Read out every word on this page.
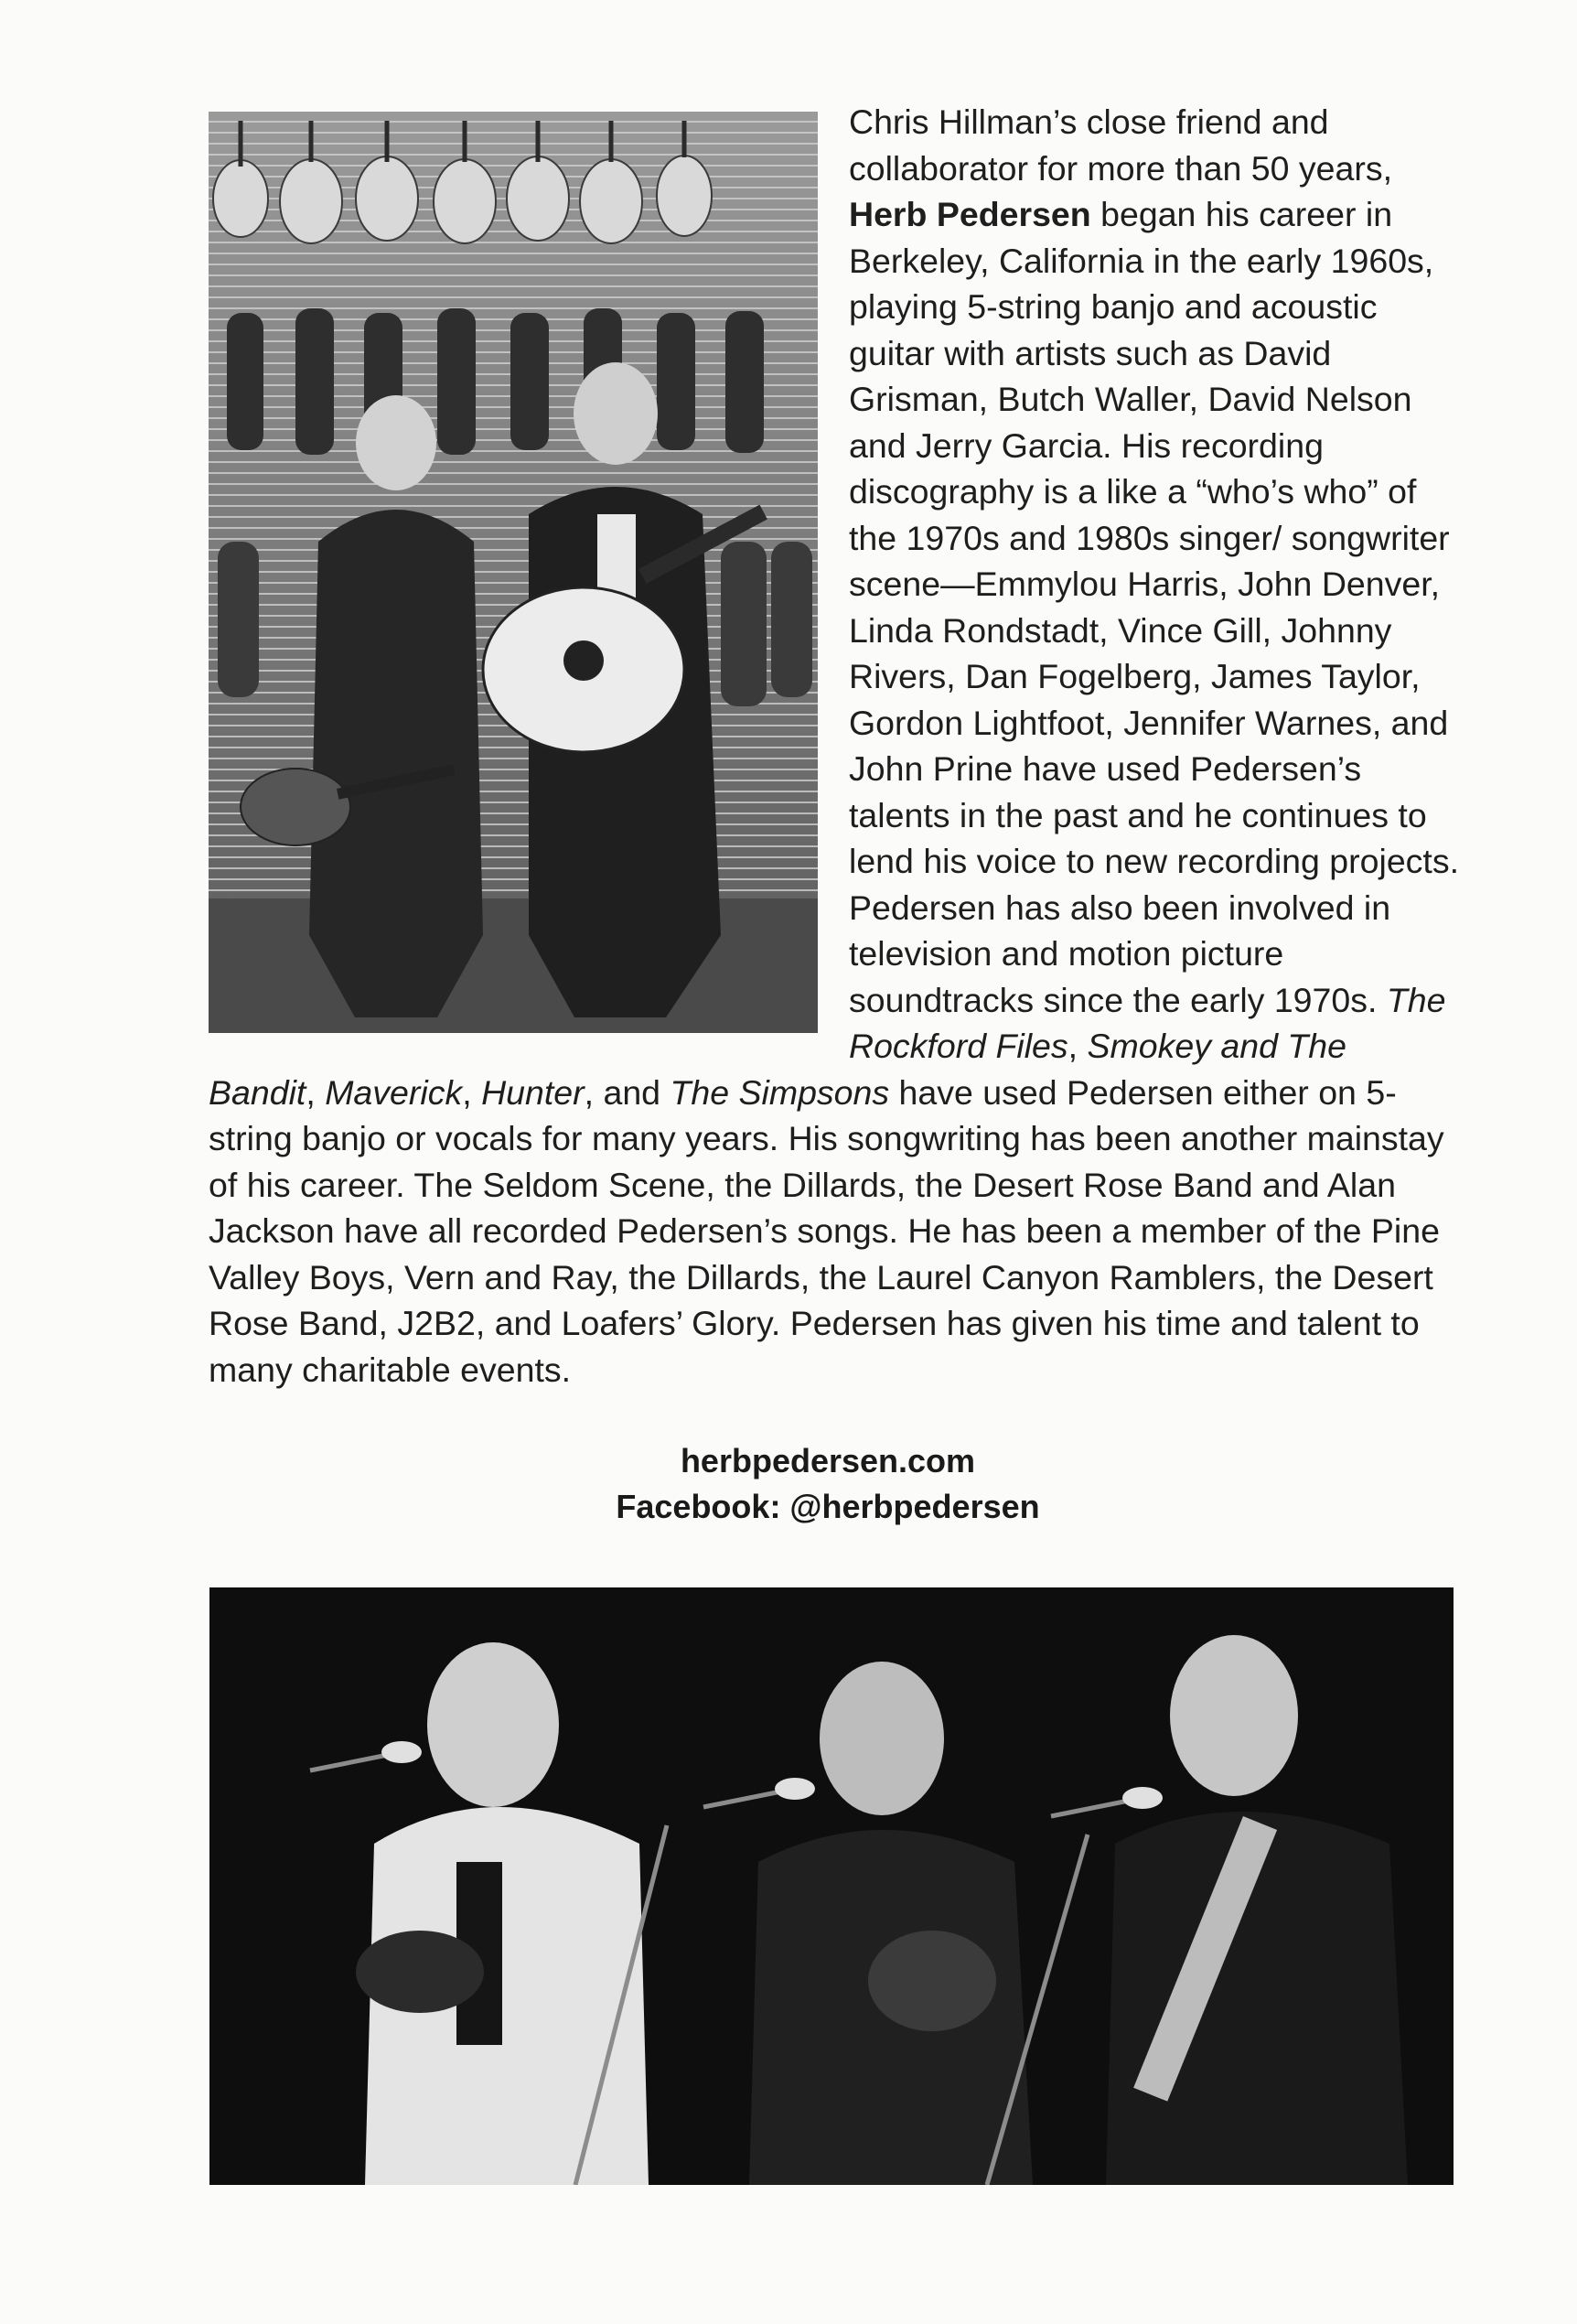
Chris Hillman’s close friend and collaborator for more than 50 years, Herb Pedersen began his career in Berkeley, California in the early 1960s, playing 5-string banjo and acoustic guitar with artists such as David Grisman, Butch Waller, David Nelson and Jerry Garcia. His recording discography is a like a “who’s who” of the 1970s and 1980s singer/ songwriter scene—Emmylou Harris, John Denver, Linda Rondstadt, Vince Gill, Johnny Rivers, Dan Fogelberg, James Taylor, Gordon Lightfoot, Jennifer Warnes, and John Prine have used Pedersen’s talents in the past and he continues to lend his voice to new recording projects. Pedersen has also been involved in television and motion picture soundtracks since the early 1970s. The Rockford Files, Smokey and The Bandit, Maverick, Hunter, and The Simpsons have used Pedersen either on 5-string banjo or vocals for many years. His songwriting has been another mainstay of his career. The Seldom Scene, the Dillards, the Desert Rose Band and Alan Jackson have all recorded Pedersen’s songs. He has been a member of the Pine Valley Boys, Vern and Ray, the Dillards, the Laurel Canyon Ramblers, the Desert Rose Band, J2B2, and Loafers’ Glory. Pedersen has given his time and talent to many charitable events.
herbpedersen.com
Facebook: @herbpedersen
